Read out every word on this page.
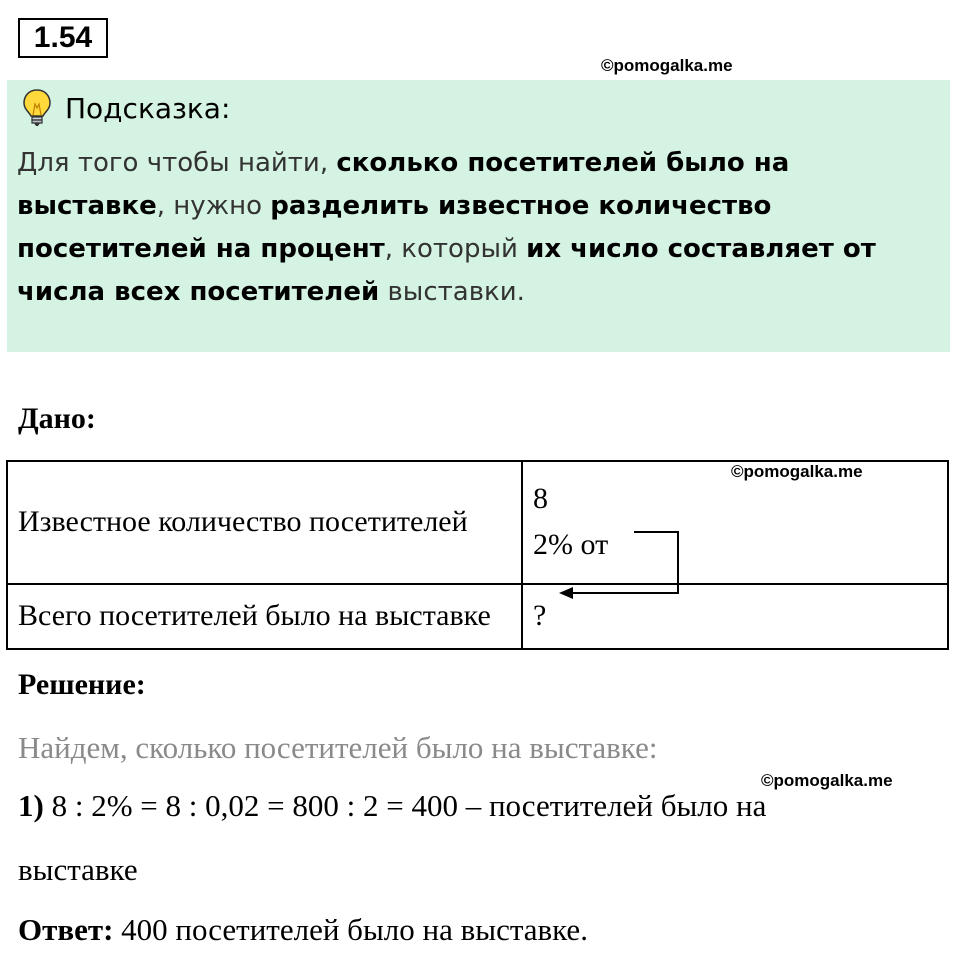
1.54
©pomogalka.me
Подсказка:
Для того чтобы найти, сколько посетителей было на выставке, нужно разделить известное количество посетителей на процент, который их число составляет от числа всех посетителей выставки.
Дано:
Известное количество посетителей	8
2% от

Всего посетителей было на выставке	?
©pomogalka.me
Решение:
Найдем, сколько посетителей было на выставке:
©pomogalka.me
1) 8 : 2% = 8 : 0,02 = 800 : 2 = 400 – посетителей было на
выставке
Ответ: 400 посетителей было на выставке.
